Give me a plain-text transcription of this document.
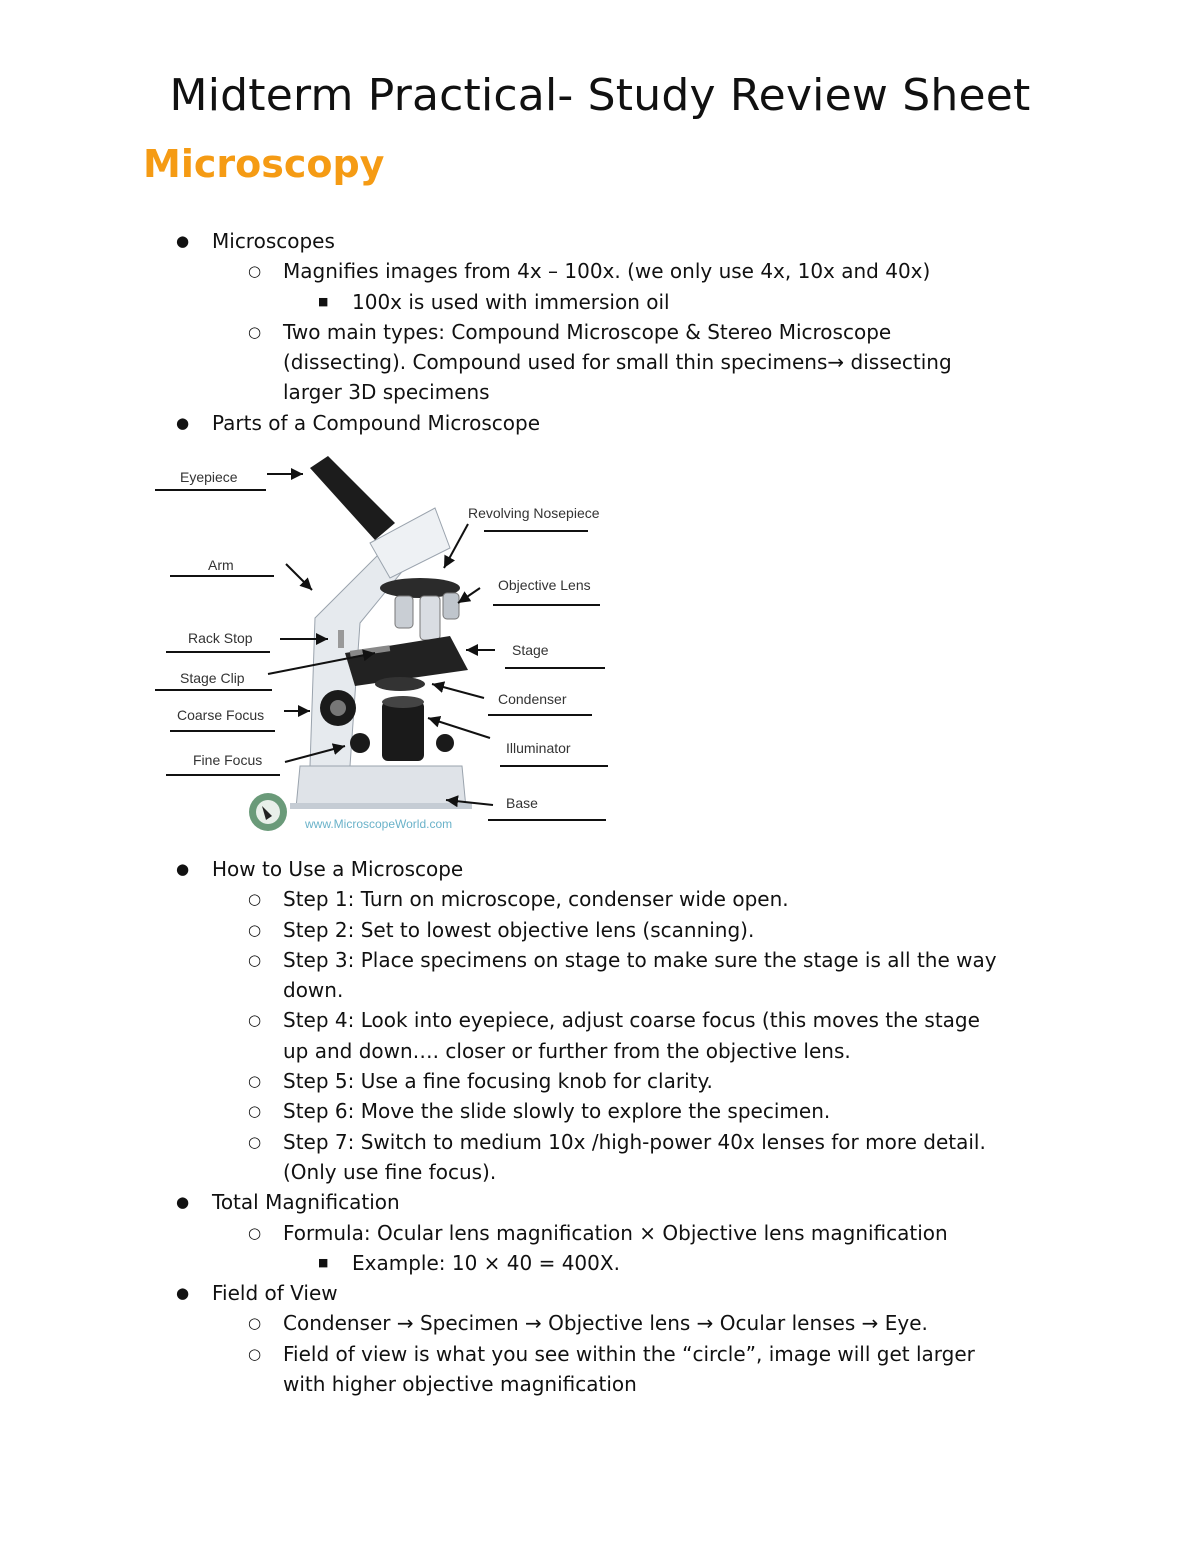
Midterm Practical- Study Review Sheet
Microscopy
●	Microscopes
○	Magnifies images from 4x – 100x. (we only use 4x, 10x and 40x)
■	100x is used with immersion oil
○	Two main types: Compound Microscope & Stereo Microscope
(dissecting). Compound used for small thin specimens→ dissecting
larger 3D specimens
●	Parts of a Compound Microscope
Eyepiece
Arm
Rack Stop
Stage Clip
Coarse Focus
Fine Focus
Revolving Nosepiece
Objective Lens
Stage
Condenser
Illuminator
Base
www.MicroscopeWorld.com
●	How to Use a Microscope
○	Step 1: Turn on microscope, condenser wide open.
○	Step 2: Set to lowest objective lens (scanning).
○	Step 3: Place specimens on stage to make sure the stage is all the way
down.
○	Step 4: Look into eyepiece, adjust coarse focus (this moves the stage
up and down…. closer or further from the objective lens.
○	Step 5: Use a fine focusing knob for clarity.
○	Step 6: Move the slide slowly to explore the specimen.
○	Step 7: Switch to medium 10x /high-power 40x lenses for more detail.
(Only use fine focus).
●	Total Magnification
○	Formula: Ocular lens magnification × Objective lens magnification
■	Example: 10 × 40 = 400X.
●	Field of View
○	Condenser → Specimen → Objective lens → Ocular lenses → Eye.
○	Field of view is what you see within the “circle”, image will get larger
with higher objective magnification
